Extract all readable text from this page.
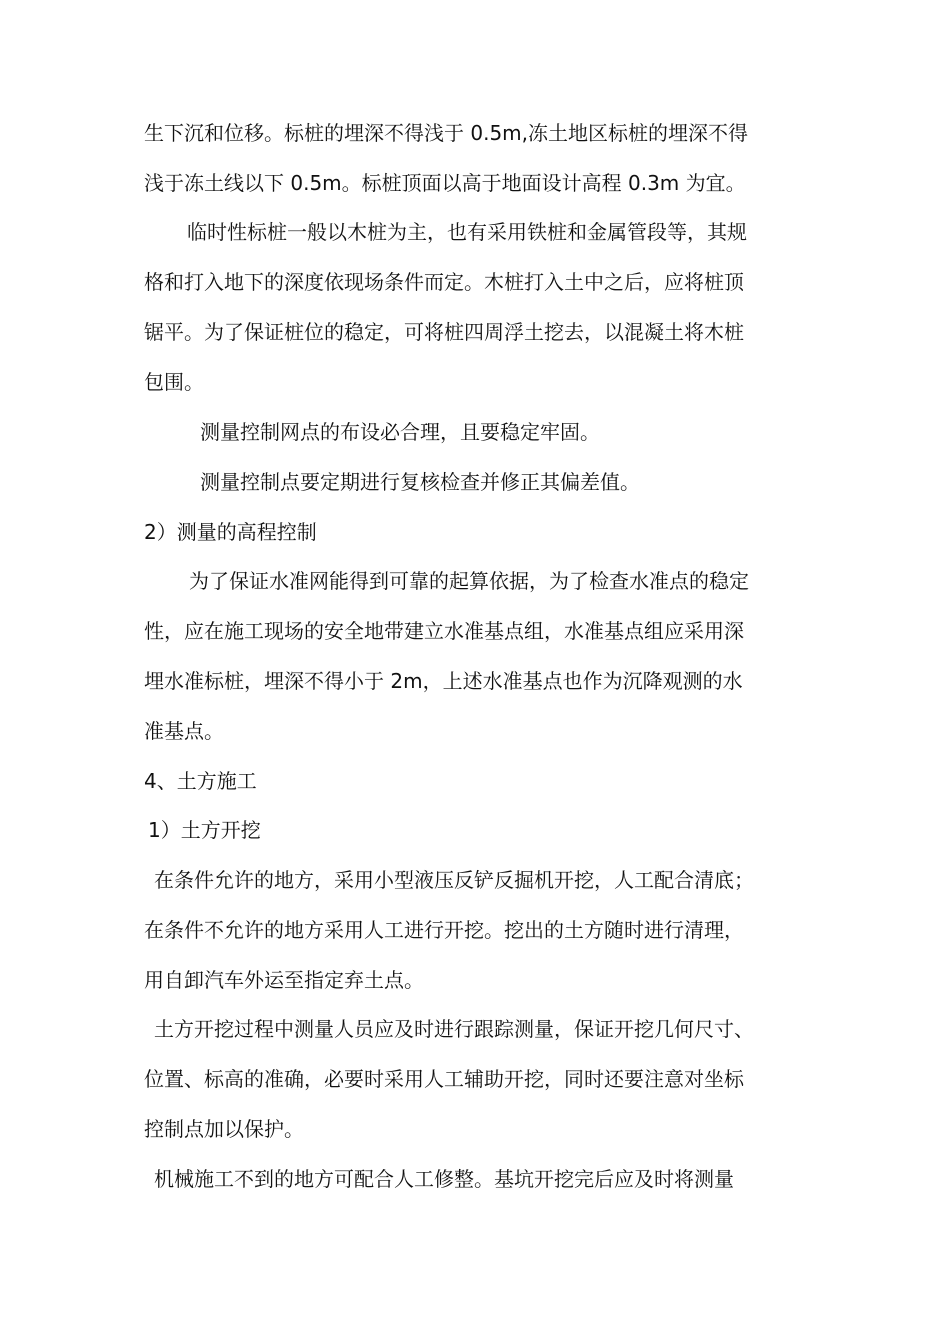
生下沉和位移。标桩的埋深不得浅于 0.5m,冻土地区标桩的埋深不得
浅于冻土线以下 0.5m。标桩顶面以高于地面设计高程 0.3m 为宜。
临时性标桩一般以木桩为主，也有采用铁桩和金属管段等，其规
格和打入地下的深度依现场条件而定。木桩打入土中之后，应将桩顶
锯平。为了保证桩位的稳定，可将桩四周浮土挖去，以混凝土将木桩
包围。
测量控制网点的布设必合理，且要稳定牢固。
测量控制点要定期进行复核检查并修正其偏差值。
2）测量的高程控制
为了保证水准网能得到可靠的起算依据，为了检查水准点的稳定
性，应在施工现场的安全地带建立水准基点组，水准基点组应采用深
埋水准标桩，埋深不得小于 2m，上述水准基点也作为沉降观测的水
准基点。
4、土方施工
1）土方开挖
在条件允许的地方，采用小型液压反铲反掘机开挖，人工配合清底；
在条件不允许的地方采用人工进行开挖。挖出的土方随时进行清理，
用自卸汽车外运至指定弃土点。
土方开挖过程中测量人员应及时进行跟踪测量，保证开挖几何尺寸、
位置、标高的准确，必要时采用人工辅助开挖，同时还要注意对坐标
控制点加以保护。
机械施工不到的地方可配合人工修整。基坑开挖完后应及时将测量
